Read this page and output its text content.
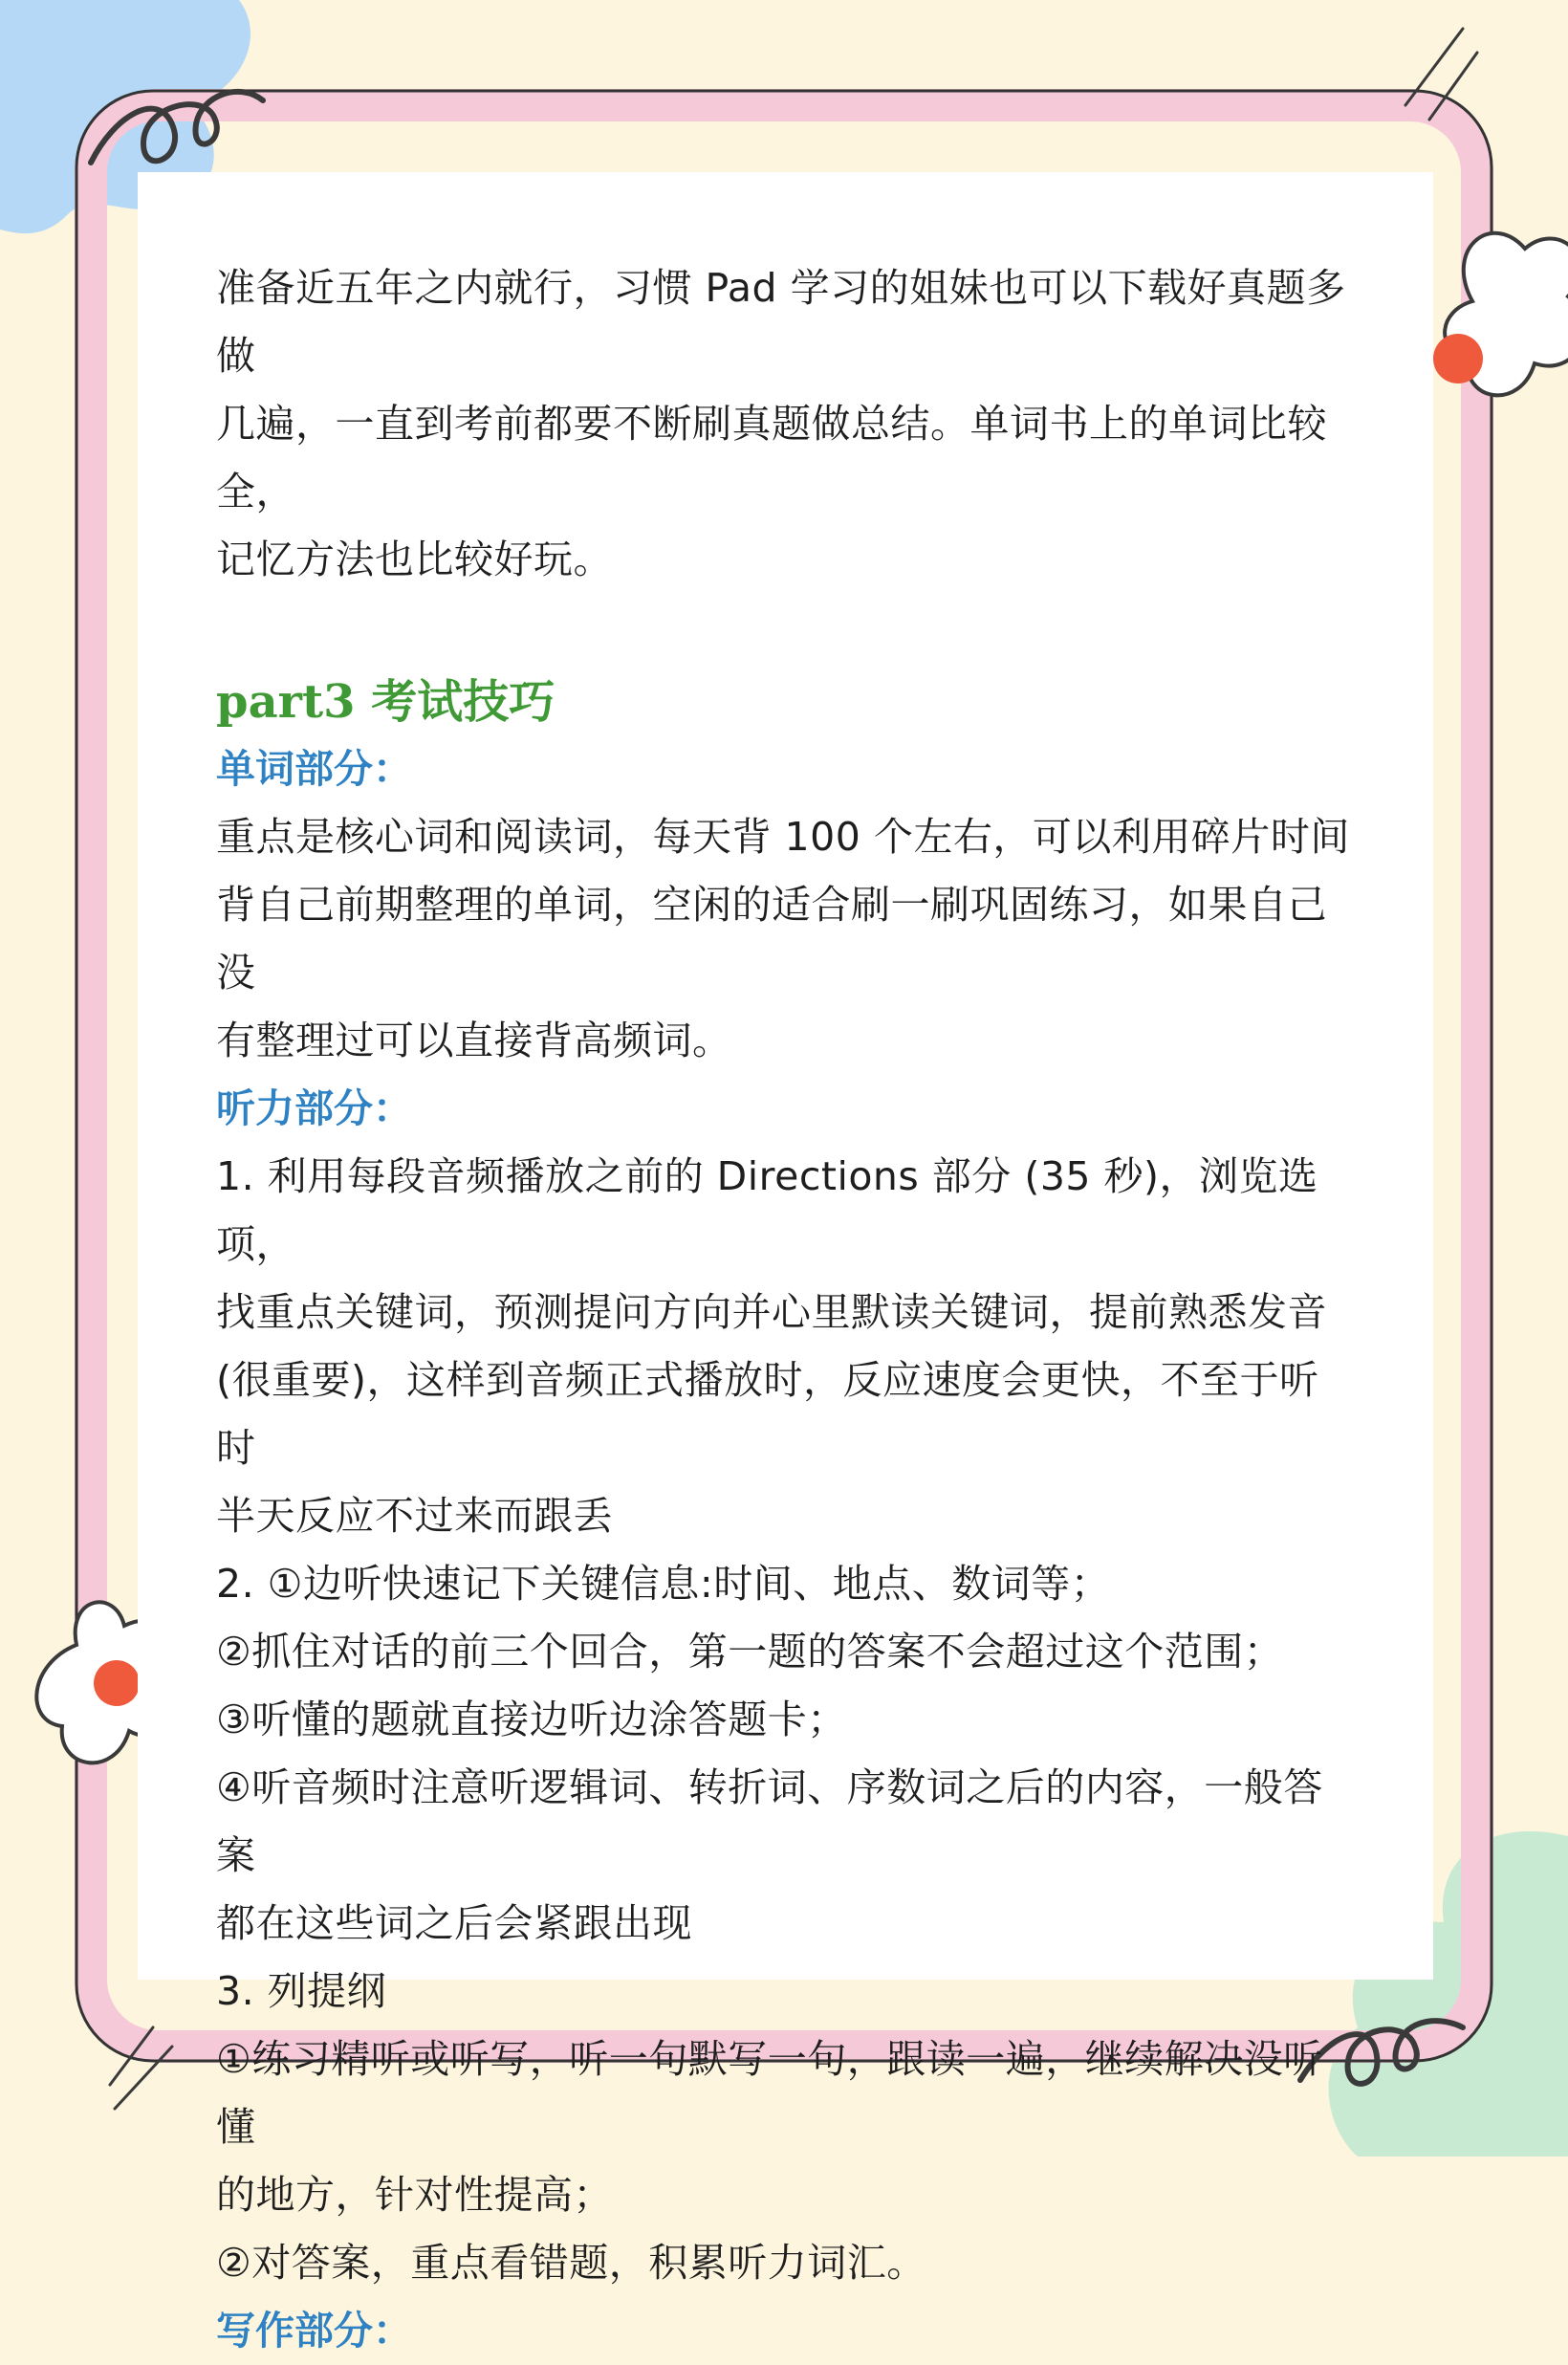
准备近五年之内就行，习惯 Pad 学习的姐妹也可以下载好真题多做

几遍，一直到考前都要不断刷真题做总结。单词书上的单词比较全，

记忆方法也比较好玩。

part3 考试技巧
单词部分：

重点是核心词和阅读词，每天背 100 个左右，可以利用碎片时间

背自己前期整理的单词，空闲的适合刷一刷巩固练习，如果自己没

有整理过可以直接背高频词。

听力部分：

1. 利用每段音频播放之前的 Directions 部分 (35 秒)，浏览选项，

找重点关键词，预测提问方向并心里默读关键词，提前熟悉发音

(很重要)，这样到音频正式播放时，反应速度会更快，不至于听时

半天反应不过来而跟丢

2. ①边听快速记下关键信息:时间、地点、数词等；

②抓住对话的前三个回合，第一题的答案不会超过这个范围；

③听懂的题就直接边听边涂答题卡；

④听音频时注意听逻辑词、转折词、序数词之后的内容，一般答案

都在这些词之后会紧跟出现

3. 列提纲

①练习精听或听写，听一句默写一句，跟读一遍，继续解决没听懂

的地方，针对性提高；

②对答案，重点看错题，积累听力词汇。

写作部分：
